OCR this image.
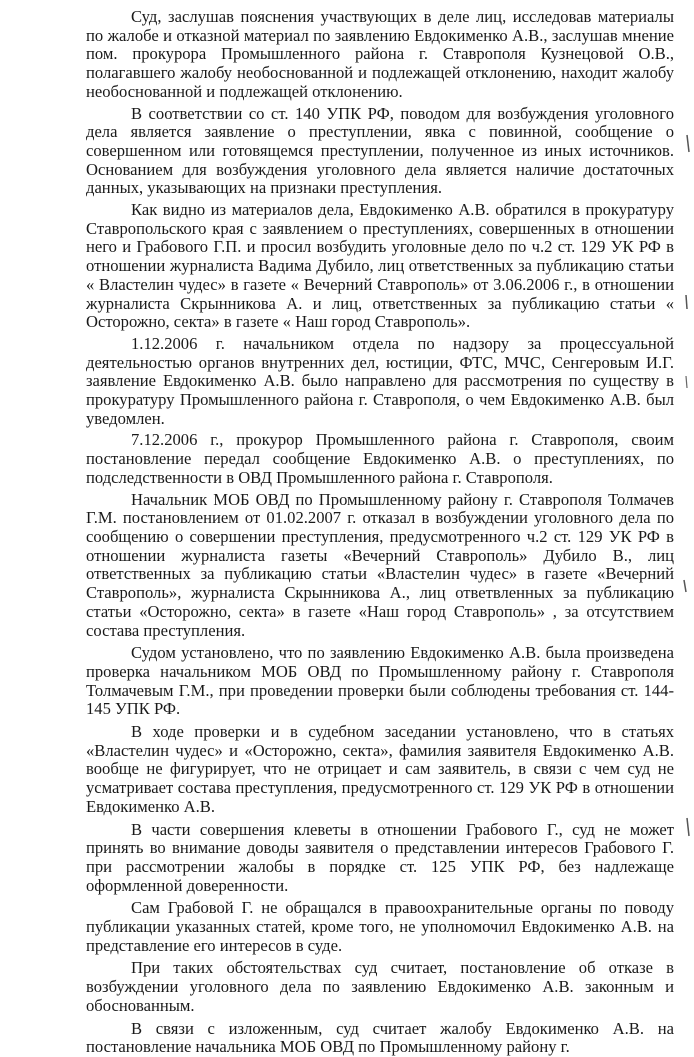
Суд, заслушав пояснения участвующих в деле лиц, исследовав материалы по жалобе и отказной материал по заявлению Евдокименко А.В., заслушав мнение пом. прокурора Промышленного района г. Ставрополя Кузнецовой О.В., полагавшего жалобу необоснованной и подлежащей отклонению, находит жалобу необоснованной и подлежащей отклонению.

В соответствии со ст. 140 УПК РФ, поводом для возбуждения уголовного дела является заявление о преступлении, явка с повинной, сообщение о совершенном или готовящемся преступлении, полученное из иных источников. Основанием для возбуждения уголовного дела является наличие достаточных данных, указывающих на признаки преступления.

Как видно из материалов дела, Евдокименко А.В. обратился в прокуратуру Ставропольского края с заявлением о преступлениях, совершенных в отношении него и Грабового Г.П. и просил возбудить уголовные дело по ч.2 ст. 129 УК РФ в отношении журналиста Вадима Дубило, лиц ответственных за публикацию статьи « Властелин чудес» в газете « Вечерний Ставрополь» от 3.06.2006 г., в отношении журналиста Скрынникова А. и лиц, ответственных за публикацию статьи « Осторожно, секта» в газете « Наш город Ставрополь».

1.12.2006 г. начальником отдела по надзору за процессуальной деятельностью органов внутренних дел, юстиции, ФТС, МЧС, Сенгеровым И.Г. заявление Евдокименко А.В. было направлено для рассмотрения по существу в прокуратуру Промышленного района г. Ставрополя, о чем Евдокименко А.В. был уведомлен.

7.12.2006 г., прокурор Промышленного района г. Ставрополя, своим постановление передал сообщение Евдокименко А.В. о преступлениях, по подследственности в ОВД Промышленного района г. Ставрополя.

Начальник МОБ ОВД по Промышленному району г. Ставрополя Толмачев Г.М. постановлением от 01.02.2007 г. отказал в возбуждении уголовного дела по сообщению о совершении преступления, предусмотренного ч.2 ст. 129 УК РФ в отношении журналиста газеты «Вечерний Ставрополь» Дубило В., лиц ответственных за публикацию статьи «Властелин чудес» в газете «Вечерний Ставрополь», журналиста Скрынникова А., лиц ответвленных за публикацию статьи «Осторожно, секта» в газете «Наш город Ставрополь» , за отсутствием состава преступления.

Судом установлено, что по заявлению Евдокименко А.В. была произведена проверка начальником МОБ ОВД по Промышленному району г. Ставрополя Толмачевым Г.М., при проведении проверки были соблюдены требования ст. 144-145 УПК РФ.

В ходе проверки и в судебном заседании установлено, что в статьях «Властелин чудес» и «Осторожно, секта», фамилия заявителя Евдокименко А.В. вообще не фигурирует, что не отрицает и сам заявитель, в связи с чем суд не усматривает состава преступления, предусмотренного ст. 129 УК РФ в отношении Евдокименко А.В.

В части совершения клеветы в отношении Грабового Г., суд не может принять во внимание доводы заявителя о представлении интересов Грабового Г. при рассмотрении жалобы в порядке ст. 125 УПК РФ, без надлежаще оформленной доверенности.

Сам Грабовой Г. не обращался в правоохранительные органы по поводу публикации указанных статей, кроме того, не уполномочил Евдокименко А.В. на представление его интересов в суде.

При таких обстоятельствах суд считает, постановление об отказе в возбуждении уголовного дела по заявлению Евдокименко А.В. законным и обоснованным.

В связи с изложенным, суд считает жалобу Евдокименко А.В. на постановление начальника МОБ ОВД по Промышленному району г.
